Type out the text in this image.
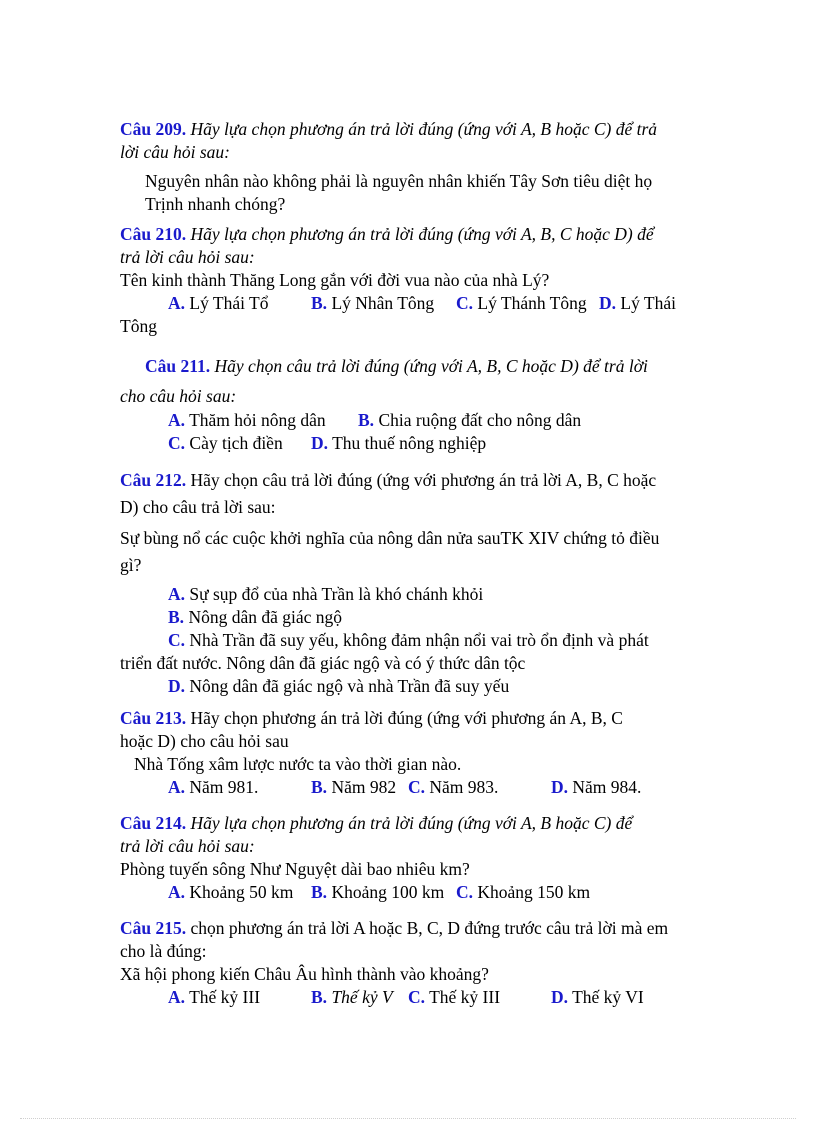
Câu 209. Hãy lựa chọn phương án trả lời đúng (ứng với A, B hoặc C) để trả
lời câu hỏi sau:
Nguyên nhân nào không phải là nguyên nhân khiến Tây Sơn tiêu diệt họ
Trịnh nhanh chóng?
Câu 210. Hãy lựa chọn phương án trả lời đúng (ứng với A, B, C hoặc D) để
trả lời câu hỏi sau:
Tên kinh thành Thăng Long gắn với đời vua nào của nhà Lý?
A. Lý Thái Tổ B. Lý Nhân Tông C. Lý Thánh Tông D. Lý Thái
Tông
Câu 211. Hãy chọn câu trả lời đúng (ứng với A, B, C hoặc D) để trả lời
cho câu hỏi sau:
A. Thăm hỏi nông dân B. Chia ruộng đất cho nông dân
C. Cày tịch điền D. Thu thuế nông nghiệp
Câu 212. Hãy chọn câu trả lời đúng (ứng với phương án trả lời A, B, C hoặc
D) cho câu trả lời sau:
Sự bùng nổ các cuộc khởi nghĩa của nông dân nửa sauTK XIV chứng tỏ điều
gì?
A. Sự sụp đổ của nhà Trần là khó chánh khỏi
B. Nông dân đã giác ngộ
C. Nhà Trần đã suy yếu, không đảm nhận nổi vai trò ổn định và phát
triển đất nước. Nông dân đã giác ngộ và có ý thức dân tộc
D. Nông dân đã giác ngộ và nhà Trần đã suy yếu
Câu 213. Hãy chọn phương án trả lời đúng (ứng với phương án A, B, C
hoặc D) cho câu hỏi sau
Nhà Tống xâm lược nước ta vào thời gian nào.
A. Năm 981.	B. Năm 982 C. Năm 983.	D. Năm 984.
Câu 214. Hãy lựa chọn phương án trả lời đúng (ứng với A, B hoặc C) để
trả lời câu hỏi sau:
Phòng tuyến sông Như Nguyệt dài bao nhiêu km?
A. Khoảng 50 km B. Khoảng 100 km C. Khoảng 150 km
Câu 215. chọn phương án trả lời A hoặc B, C, D đứng trước câu trả lời mà em
cho là đúng:
Xã hội phong kiến Châu Âu hình thành vào khoảng?
A. Thế kỷ III	B. Thế kỷ V C. Thế kỷ III	D. Thế kỷ VI
